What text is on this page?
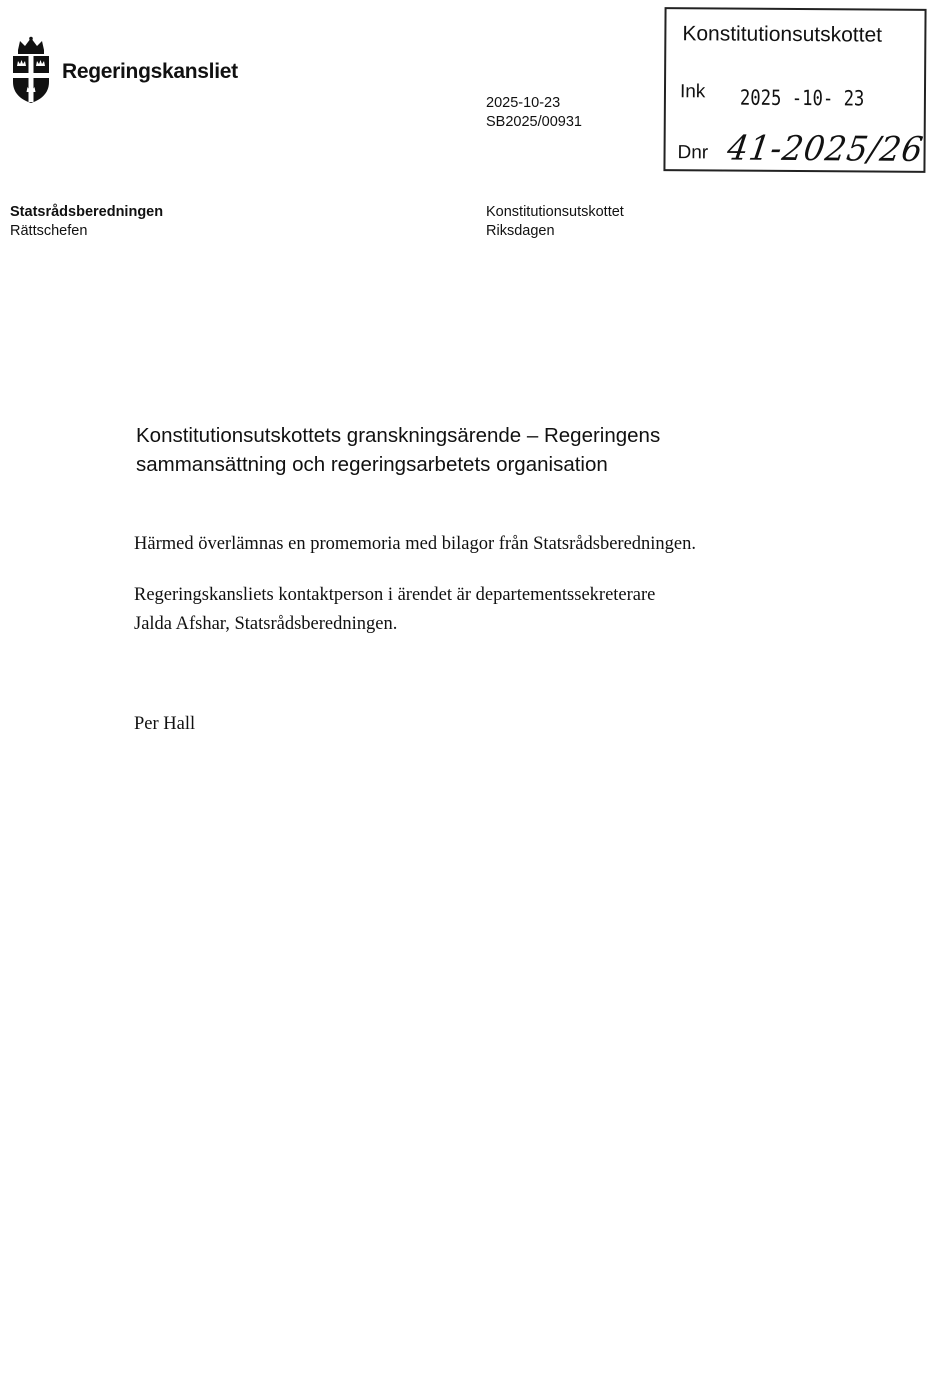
Regeringskansliet
2025-10-23
SB2025/00931
Konstitutionsutskottet
Ink 2025 -10- 23
Dnr 41-2025/26
Statsrådsberedningen
Rättschefen
Konstitutionsutskottet
Riksdagen
Konstitutionsutskottets granskningsärende – Regeringens
sammansättning och regeringsarbetets organisation
Härmed överlämnas en promemoria med bilagor från Statsrådsberedningen.
Regeringskansliets kontaktperson i ärendet är departementssekreterare
Jalda Afshar, Statsrådsberedningen.
Per Hall
